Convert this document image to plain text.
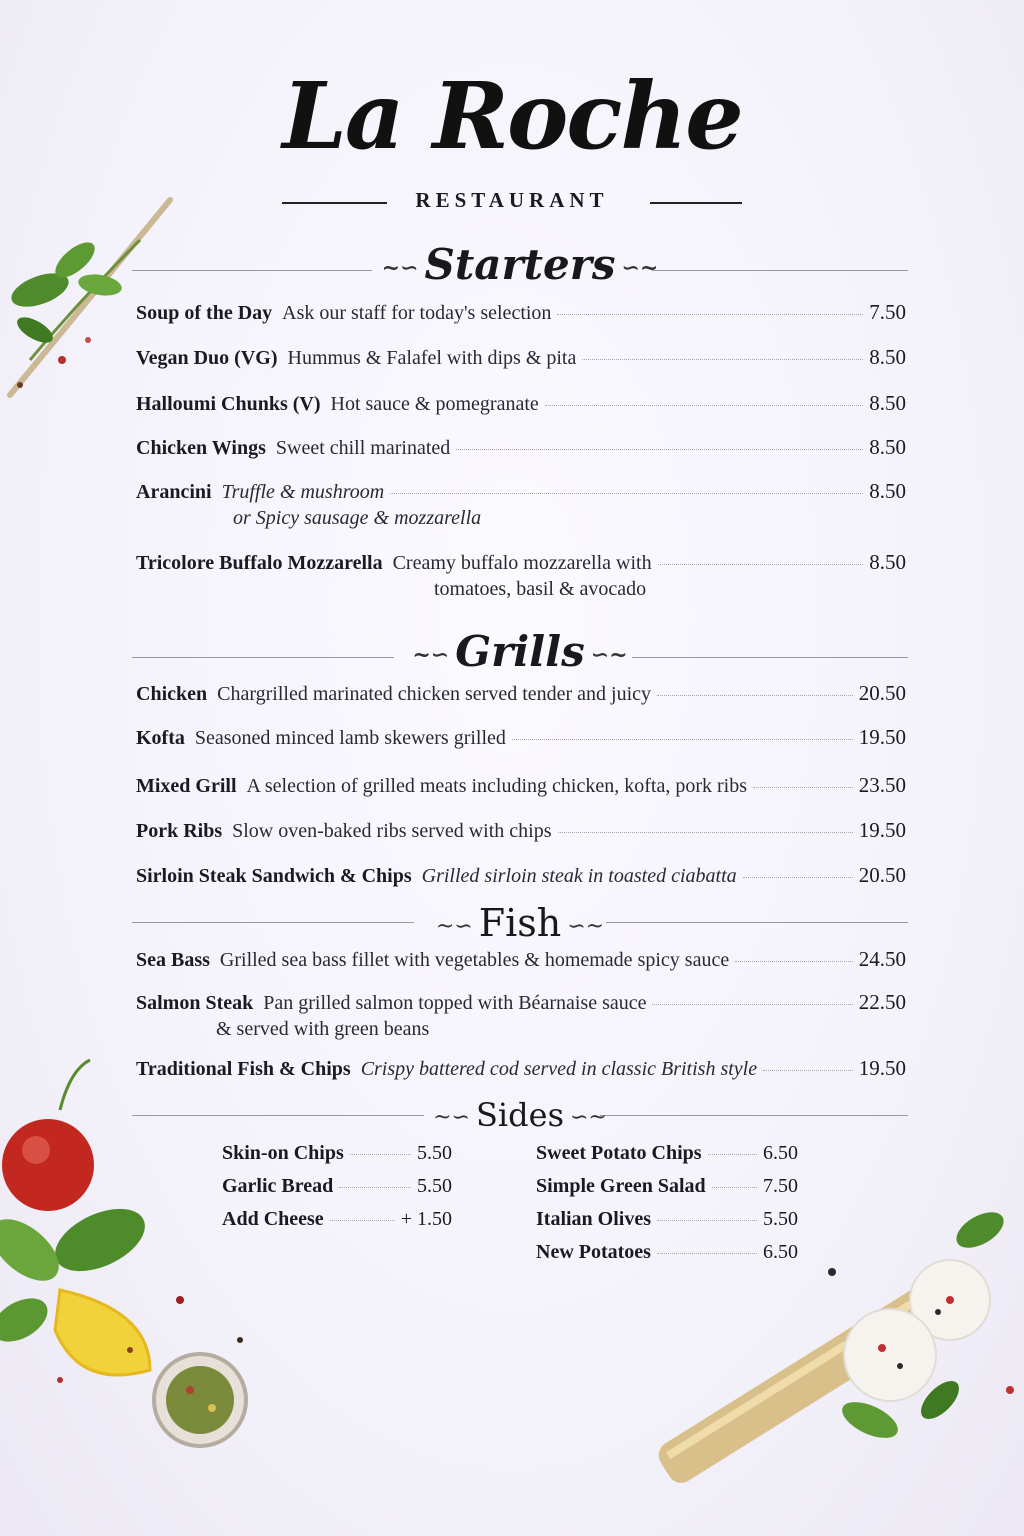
La Roche
RESTAURANT
~∽ Starters ∽~
Soup of the Day Ask our staff for today's selection	7.50
Vegan Duo (VG) Hummus & Falafel with dips & pita	8.50
Halloumi Chunks (V) Hot sauce & pomegranate	8.50
Chicken Wings Sweet chill marinated	8.50
Arancini Truffle & mushroom	8.50
or Spicy sausage & mozzarella
Tricolore Buffalo Mozzarella Creamy buffalo mozzarella with	8.50
tomatoes, basil & avocado
~∽ Grills ∽~
Chicken Chargrilled marinated chicken served tender and juicy	20.50
Kofta Seasoned minced lamb skewers grilled	19.50
Mixed Grill A selection of grilled meats including chicken, kofta, pork ribs	23.50
Pork Ribs Slow oven-baked ribs served with chips	19.50
Sirloin Steak Sandwich & Chips Grilled sirloin steak in toasted ciabatta	20.50
~∽ Fish ∽~
Sea Bass Grilled sea bass fillet with vegetables & homemade spicy sauce	24.50
Salmon Steak Pan grilled salmon topped with Béarnaise sauce	22.50
& served with green beans
Traditional Fish & Chips Crispy battered cod served in classic British style	19.50
~∽ Sides ∽~
Skin-on Chips	5.50
Garlic Bread	5.50
Add Cheese	+ 1.50
Sweet Potato Chips	6.50
Simple Green Salad	7.50
Italian Olives	5.50
New Potatoes	6.50
